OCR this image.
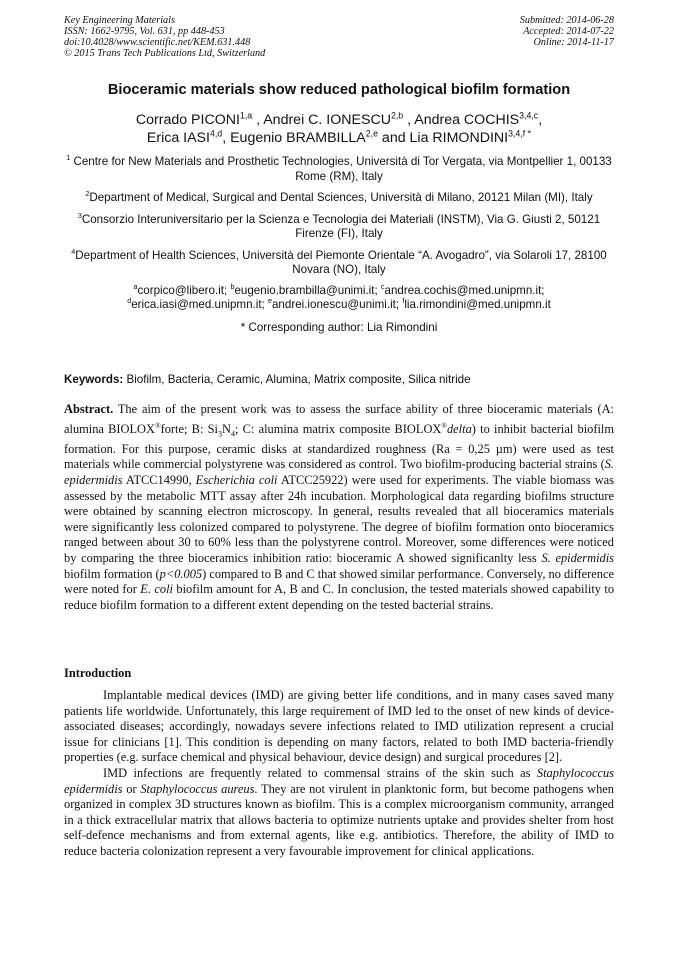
Key Engineering Materials
ISSN: 1662-9795, Vol. 631, pp 448-453
doi:10.4028/www.scientific.net/KEM.631.448
© 2015 Trans Tech Publications Ltd, Switzerland
Submitted: 2014-06-28
Accepted: 2014-07-22
Online: 2014-11-17
Bioceramic materials show reduced pathological biofilm formation
Corrado PICONI$^{1,a}$ , Andrei C. IONESCU$^{2,b}$ , Andrea COCHIS$^{3,4,c}$,
Erica IASI$^{4,d}$, Eugenio BRAMBILLA$^{2,e}$ and Lia $RIMONDINI^{3,4,f *}$
$^1$ Centre for New Materials and Prosthetic Technologies, Università di Tor Vergata, via Montpellier 1, 00133 Rome (RM), Italy
$^2$Department of Medical, Surgical and Dental Sciences, Università di Milano, 20121 Milan (MI), Italy
$^3$Consorzio Interuniversitario per la Scienza e Tecnologia dei Materiali (INSTM), Via G. Giusti 2, 50121 Firenze (FI), Italy
$^4$Department of Health Sciences, Università del Piemonte Orientale “A. Avogadro”, via Solaroli 17, 28100 Novara (NO), Italy
$^a$corpico@libero.it; $^b$eugenio.brambilla@unimi.it; $^c$andrea.cochis@med.unipmn.it;
$^d$erica.iasi@med.unipmn.it; $^e$andrei.ionescu@unimi.it; $^f$lia.rimondini@med.unipmn.it
* Corresponding author: Lia Rimondini
Keywords: Biofilm, Bacteria, Ceramic, Alumina, Matrix composite, Silica nitride
Abstract. The aim of the present work was to assess the surface ability of three bioceramic materials (A: alumina BIOLOX®forte; B: $Si_3N_4$; C: alumina matrix composite BIOLOX®delta) to inhibit bacterial biofilm formation. For this purpose, ceramic disks at standardized roughness (Ra = 0,25 µm) were used as test materials while commercial polystyrene was considered as control. Two biofilm-producing bacterial strains (S. epidermidis ATCC14990, Escherichia coli ATCC25922) were used for experiments. The viable biomass was assessed by the metabolic MTT assay after 24h incubation. Morphological data regarding biofilms structure were obtained by scanning electron microscopy. In general, results revealed that all bioceramics materials were significantly less colonized compared to polystyrene. The degree of biofilm formation onto bioceramics ranged between about 30 to 60% less than the polystyrene control. Moreover, some differences were noticed by comparing the three bioceramics inhibition ratio: bioceramic A showed significanlty less S. epidermidis biofilm formation (p<0.005) compared to B and C that showed similar performance. Conversely, no difference were noted for E. coli biofilm amount for A, B and C. In conclusion, the tested materials showed capability to reduce biofilm formation to a different extent depending on the tested bacterial strains.
Introduction

Implantable medical devices (IMD) are giving better life conditions, and in many cases saved many patients life worldwide. Unfortunately, this large requirement of IMD led to the onset of new kinds of device-associated diseases; accordingly, nowadays severe infections related to IMD utilization represent a crucial issue for clinicians [1]. This condition is depending on many factors, related to both IMD bacteria-friendly properties (e.g. surface chemical and physical behaviour, device design) and surgical procedures [2].

IMD infections are frequently related to commensal strains of the skin such as Staphylococcus epidermidis or Staphylococcus aureus. They are not virulent in planktonic form, but become pathogens when organized in complex 3D structures known as biofilm. This is a complex microorganism community, arranged in a thick extracellular matrix that allows bacteria to optimize nutrients uptake and provides shelter from host self-defence mechanisms and from external agents, like e.g. antibiotics. Therefore, the ability of IMD to reduce bacteria colonization represent a very favourable improvement for clinical applications.
